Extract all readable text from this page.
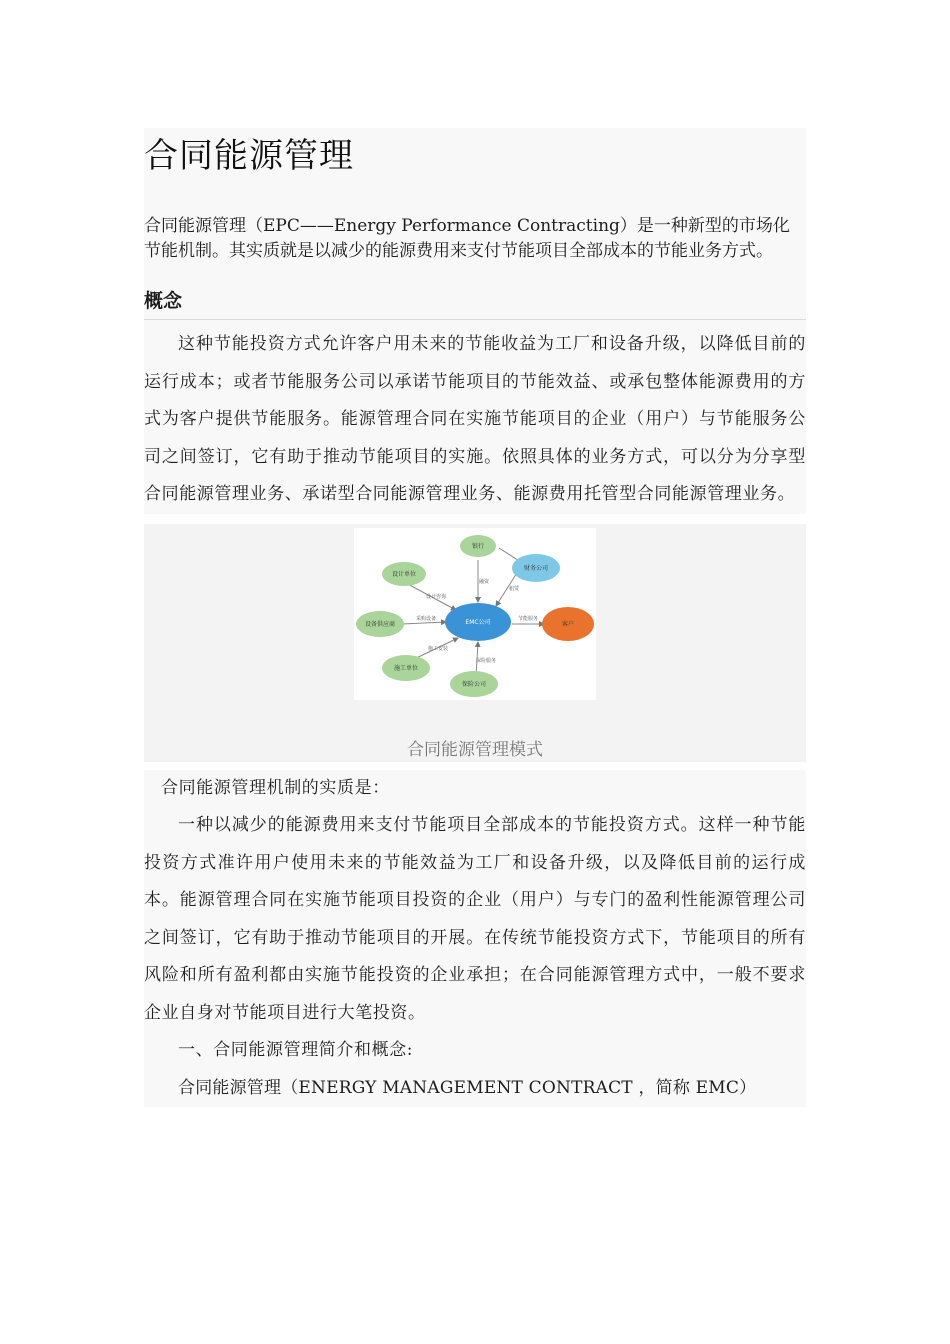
合同能源管理

合同能源管理（EPC——Energy Performance Contracting）是一种新型的市场化节能机制。其实质就是以减少的能源费用来支付节能项目全部成本的节能业务方式。

概念

这种节能投资方式允许客户用未来的节能收益为工厂和设备升级，以降低目前的运行成本；或者节能服务公司以承诺节能项目的节能效益、或承包整体能源费用的方式为客户提供节能服务。能源管理合同在实施节能项目的企业（用户）与节能服务公司之间签订，它有助于推动节能项目的实施。依照具体的业务方式，可以分为分享型合同能源管理业务、承诺型合同能源管理业务、能源费用托管型合同能源管理业务。

融资
租赁
设计咨询
采购设备	节能服务
施工安装
保险服务
银行
财务公司
设计单位
设备供应商	EMC公司	客户
施工单位
保险公司
合同能源管理模式

合同能源管理机制的实质是：

一种以减少的能源费用来支付节能项目全部成本的节能投资方式。这样一种节能投资方式准许用户使用未来的节能效益为工厂和设备升级，以及降低目前的运行成本。能源管理合同在实施节能项目投资的企业（用户）与专门的盈利性能源管理公司之间签订，它有助于推动节能项目的开展。在传统节能投资方式下，节能项目的所有风险和所有盈利都由实施节能投资的企业承担；在合同能源管理方式中，一般不要求企业自身对节能项目进行大笔投资。

一、合同能源管理简介和概念:

合同能源管理（ENERGY MANAGEMENT CONTRACT ，简称 EMC）
